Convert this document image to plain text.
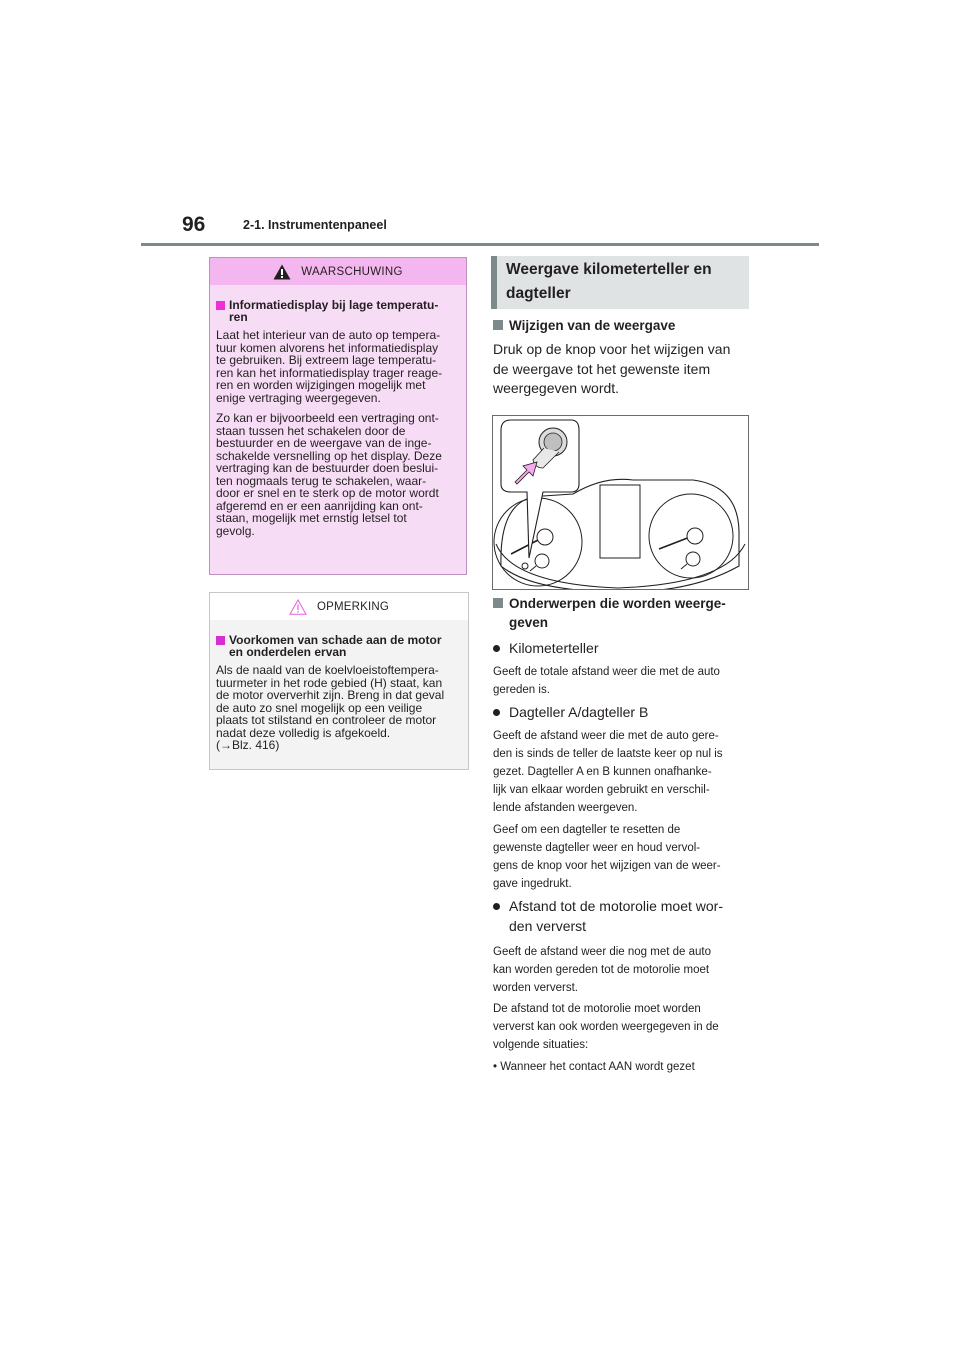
96	2-1. Instrumentenpaneel
WAARSCHUWING
Informatiedisplay bij lage temperatu-
ren

Laat het interieur van de auto op tempera-
tuur komen alvorens het informatiedisplay
te gebruiken. Bij extreem lage temperatu-
ren kan het informatiedisplay trager reage-
ren en worden wijzigingen mogelijk met
enige vertraging weergegeven.

Zo kan er bijvoorbeeld een vertraging ont-
staan tussen het schakelen door de
bestuurder en de weergave van de inge-
schakelde versnelling op het display. Deze
vertraging kan de bestuurder doen beslui-
ten nogmaals terug te schakelen, waar-
door er snel en te sterk op de motor wordt
afgeremd en er een aanrijding kan ont-
staan, mogelijk met ernstig letsel tot
gevolg.

OPMERKING
Voorkomen van schade aan de motor
en onderdelen ervan

Als de naald van de koelvloeistoftempera-
tuurmeter in het rode gebied (H) staat, kan
de motor oververhit zijn. Breng in dat geval
de auto zo snel mogelijk op een veilige
plaats tot stilstand en controleer de motor
nadat deze volledig is afgekoeld.
(→Blz. 416)

Weergave kilometerteller en
dagteller
Wijzigen van de weergave

Druk op de knop voor het wijzigen van
de weergave tot het gewenste item
weergegeven wordt.

Onderwerpen die worden weerge-
geven
Kilometerteller

Geeft de totale afstand weer die met de auto
gereden is.

Dagteller A/dagteller B

Geeft de afstand weer die met de auto gere-
den is sinds de teller de laatste keer op nul is
gezet. Dagteller A en B kunnen onafhanke-
lijk van elkaar worden gebruikt en verschil-
lende afstanden weergeven.

Geef om een dagteller te resetten de
gewenste dagteller weer en houd vervol-
gens de knop voor het wijzigen van de weer-
gave ingedrukt.

Afstand tot de motorolie moet wor-
den ververst

Geeft de afstand weer die nog met de auto
kan worden gereden tot de motorolie moet
worden ververst.

De afstand tot de motorolie moet worden
ververst kan ook worden weergegeven in de
volgende situaties:

• Wanneer het contact AAN wordt gezet
